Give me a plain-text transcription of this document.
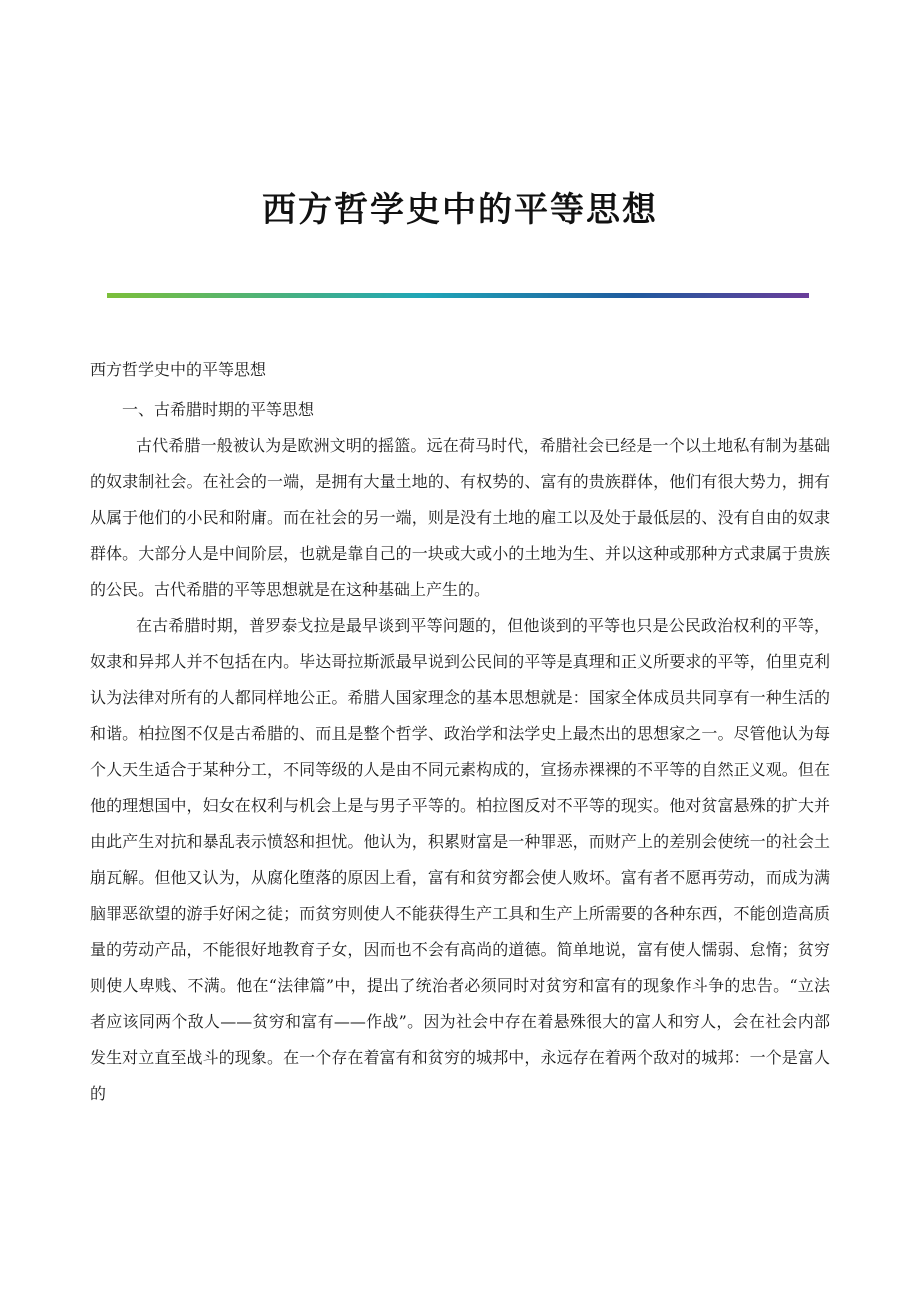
西方哲学史中的平等思想

西方哲学史中的平等思想

一、古希腊时期的平等思想

古代希腊一般被认为是欧洲文明的摇篮。远在荷马时代，希腊社会已经是一个以土地私有制为基础的奴隶制社会。在社会的一端，是拥有大量土地的、有权势的、富有的贵族群体，他们有很大势力，拥有从属于他们的小民和附庸。而在社会的另一端，则是没有土地的雇工以及处于最低层的、没有自由的奴隶群体。大部分人是中间阶层，也就是靠自己的一块或大或小的土地为生、并以这种或那种方式隶属于贵族的公民。古代希腊的平等思想就是在这种基础上产生的。

在古希腊时期，普罗泰戈拉是最早谈到平等问题的，但他谈到的平等也只是公民政治权利的平等，奴隶和异邦人并不包括在内。毕达哥拉斯派最早说到公民间的平等是真理和正义所要求的平等，伯里克利认为法律对所有的人都同样地公正。希腊人国家理念的基本思想就是：国家全体成员共同享有一种生活的和谐。柏拉图不仅是古希腊的、而且是整个哲学、政治学和法学史上最杰出的思想家之一。尽管他认为每个人天生适合于某种分工，不同等级的人是由不同元素构成的，宣扬赤裸裸的不平等的自然正义观。但在他的理想国中，妇女在权利与机会上是与男子平等的。柏拉图反对不平等的现实。他对贫富悬殊的扩大并由此产生对抗和暴乱表示愤怒和担忧。他认为，积累财富是一种罪恶，而财产上的差别会使统一的社会土崩瓦解。但他又认为，从腐化堕落的原因上看，富有和贫穷都会使人败坏。富有者不愿再劳动，而成为满脑罪恶欲望的游手好闲之徒；而贫穷则使人不能获得生产工具和生产上所需要的各种东西，不能创造高质量的劳动产品，不能很好地教育子女，因而也不会有高尚的道德。简单地说，富有使人懦弱、怠惰；贫穷则使人卑贱、不满。他在“法律篇”中，提出了统治者必须同时对贫穷和富有的现象作斗争的忠告。“立法者应该同两个敌人——贫穷和富有——作战”。因为社会中存在着悬殊很大的富人和穷人，会在社会内部发生对立直至战斗的现象。在一个存在着富有和贫穷的城邦中，永远存在着两个敌对的城邦：一个是富人的
